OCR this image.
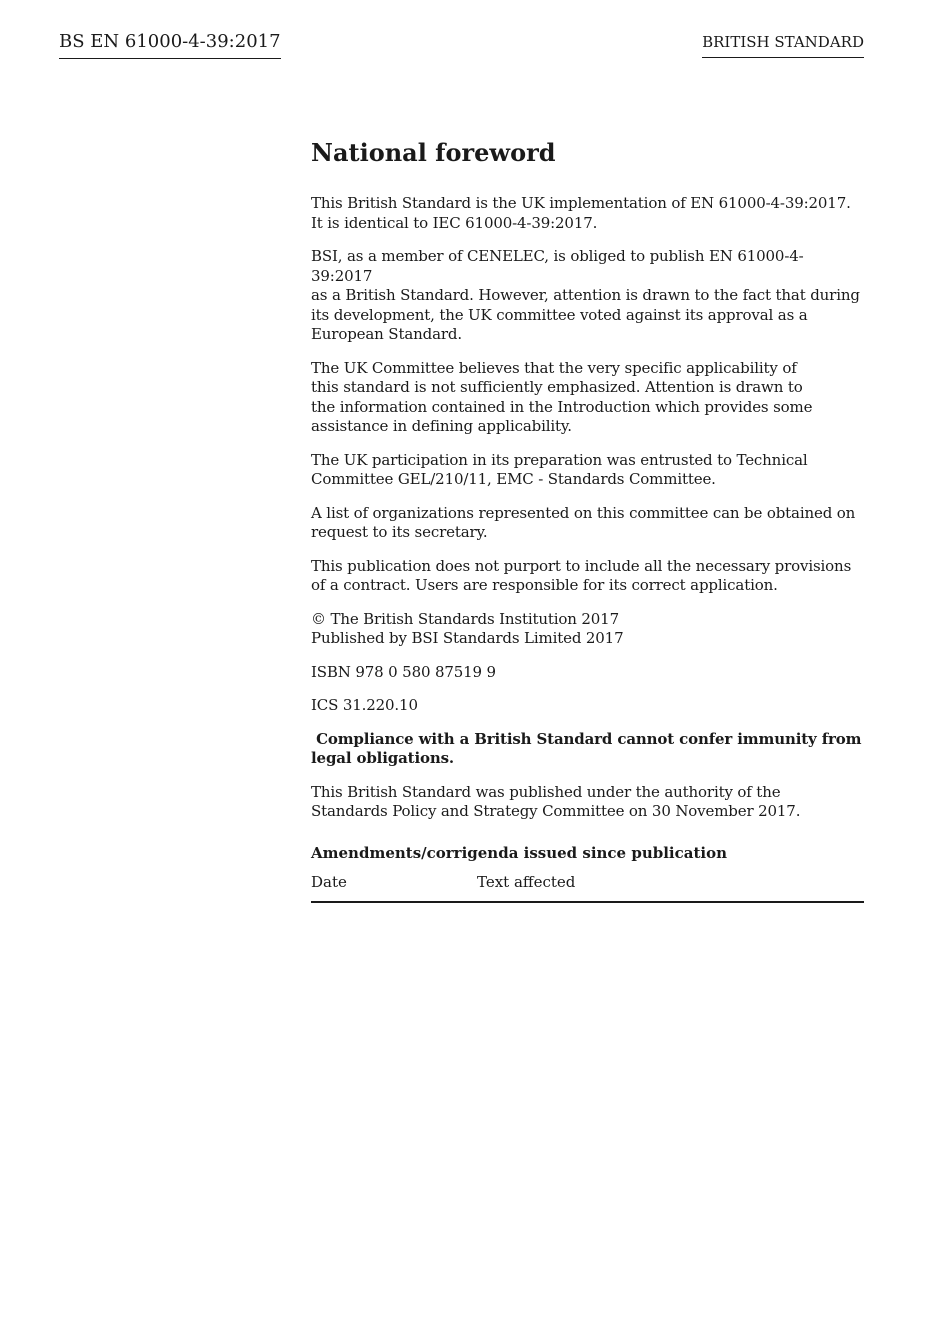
BS EN 61000-4-39:2017	BRITISH STANDARD
National foreword

This British Standard is the UK implementation of EN 61000-4-39:2017.
It is identical to IEC 61000-4-39:2017.

BSI, as a member of CENELEC, is obliged to publish EN 61000-4-39:2017
as a British Standard. However, attention is drawn to the fact that during
its development, the UK committee voted against its approval as a
European Standard.

The UK Committee believes that the very specific applicability of
this standard is not sufficiently emphasized. Attention is drawn to
the information contained in the Introduction which provides some
assistance in defining applicability.

The UK participation in its preparation was entrusted to Technical
Committee GEL/210/11, EMC - Standards Committee.

A list of organizations represented on this committee can be obtained on
request to its secretary.

This publication does not purport to include all the necessary provisions
of a contract. Users are responsible for its correct application.

© The British Standards Institution 2017
Published by BSI Standards Limited 2017

ISBN 978 0 580 87519 9

ICS 31.220.10

Compliance with a British Standard cannot confer immunity from
legal obligations.

This British Standard was published under the authority of the
Standards Policy and Strategy Committee on 30 November 2017.

Amendments/corrigenda issued since publication
Date	Text affected
